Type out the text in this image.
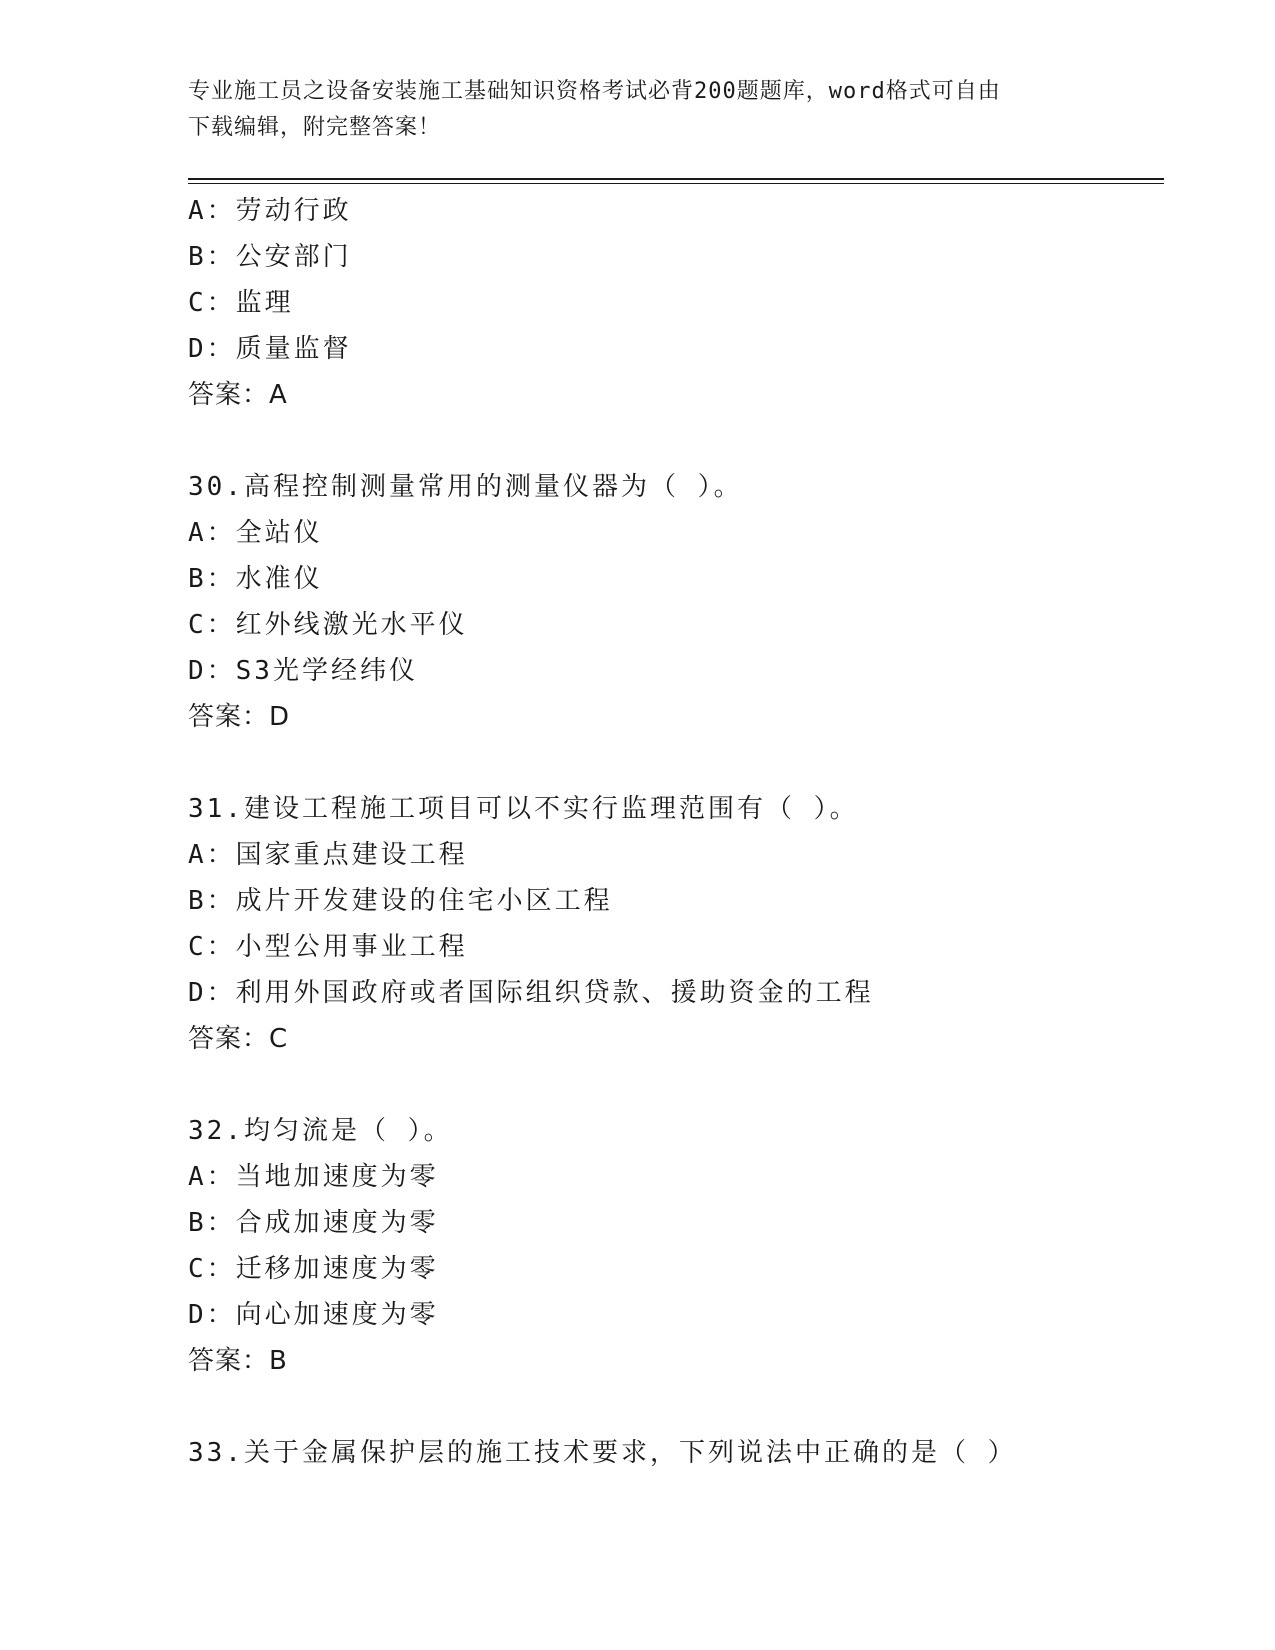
专业施工员之设备安装施工基础知识资格考试必背200题题库，word格式可自由
下载编辑，附完整答案！
A：劳动行政
B：公安部门
C：监理
D：质量监督
答案：A
30.高程控制测量常用的测量仪器为（ ）。
A：全站仪
B：水准仪
C：红外线激光水平仪
D：S3光学经纬仪
答案：D
31.建设工程施工项目可以不实行监理范围有（ ）。
A：国家重点建设工程
B：成片开发建设的住宅小区工程
C：小型公用事业工程
D：利用外国政府或者国际组织贷款、援助资金的工程
答案：C
32.均匀流是（ ）。
A：当地加速度为零
B：合成加速度为零
C：迁移加速度为零
D：向心加速度为零
答案：B
33.关于金属保护层的施工技术要求，下列说法中正确的是（ ）
